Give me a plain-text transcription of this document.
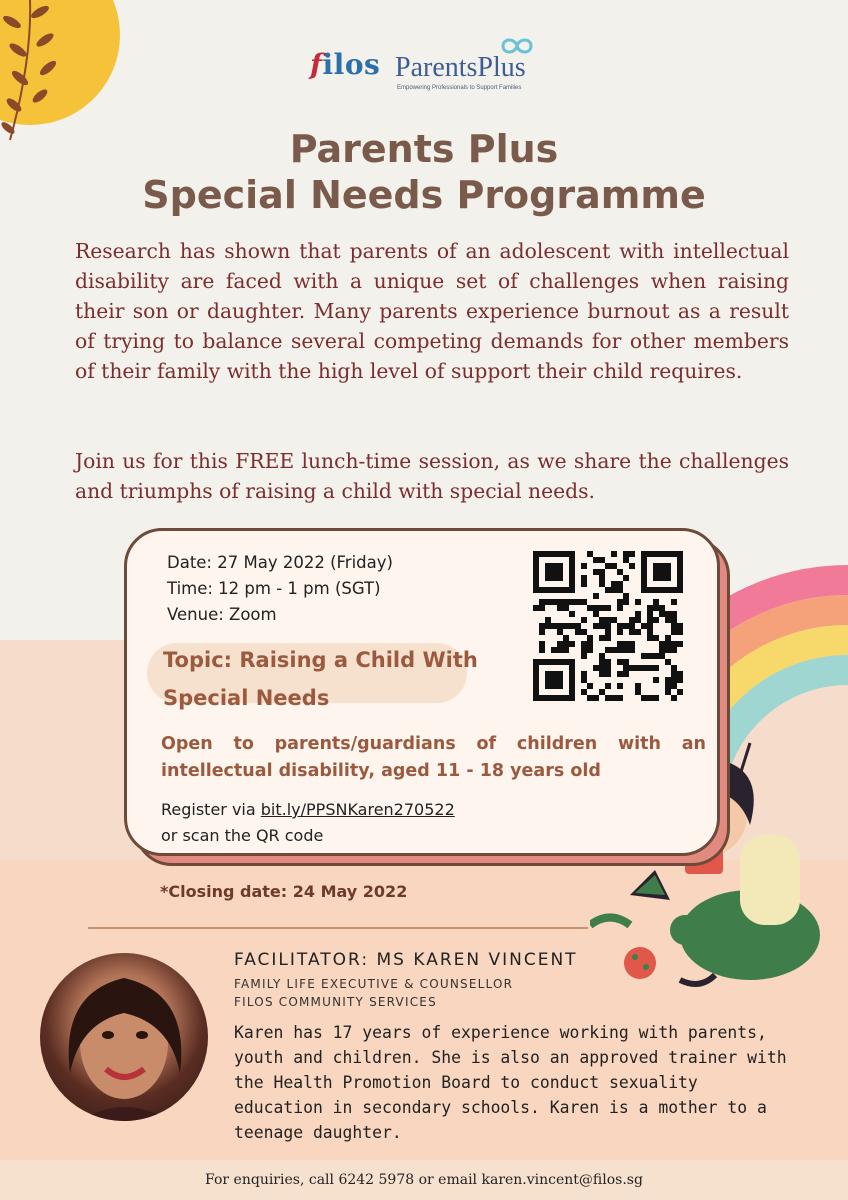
filos ParentsPlus
Empowering Professionals to Support Families
Parents Plus
Special Needs Programme

Research has shown that parents of an adolescent with intellectual disability are faced with a unique set of challenges when raising their son or daughter. Many parents experience burnout as a result of trying to balance several competing demands for other members of their family with the high level of support their child requires.

Join us for this FREE lunch-time session, as we share the challenges and triumphs of raising a child with special needs.

Date: 27 May 2022 (Friday)
Time: 12 pm - 1 pm (SGT)
Venue: Zoom
Topic: Raising a Child With
Special Needs
Open to parents/guardians of children with an intellectual disability, aged 11 - 18 years old
Register via bit.ly/PPSNKaren270522
or scan the QR code
*Closing date: 24 May 2022
FACILITATOR: MS KAREN VINCENT
FAMILY LIFE EXECUTIVE & COUNSELLOR
FILOS COMMUNITY SERVICES

Karen has 17 years of experience working with parents, youth and children. She is also an approved trainer with the Health Promotion Board to conduct sexuality education in secondary schools. Karen is a mother to a teenage daughter.

For enquiries, call 6242 5978 or email karen.vincent@filos.sg
